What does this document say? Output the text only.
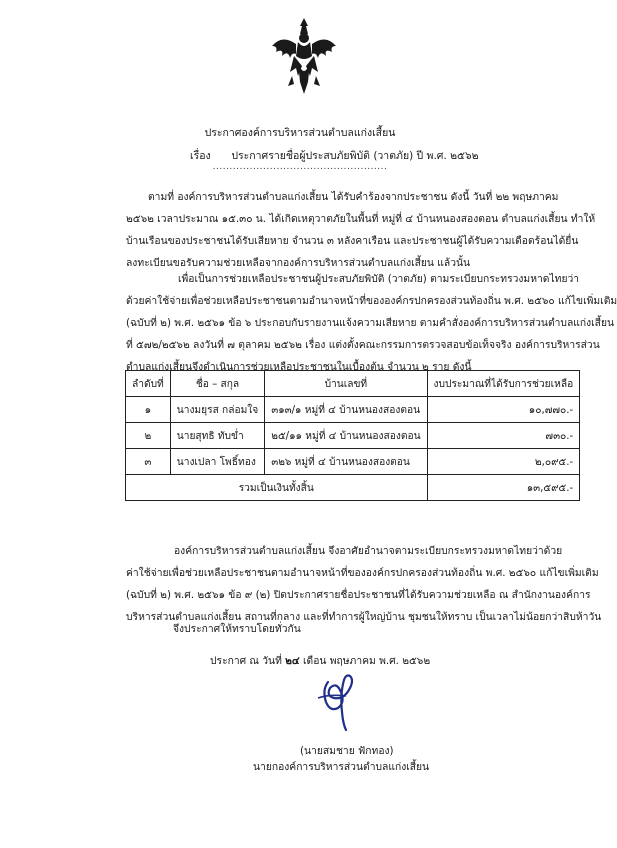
ประกาศองค์การบริหารส่วนตำบลแก่งเสี้ยน
เรื่อง ประกาศรายชื่อผู้ประสบภัยพิบัติ (วาตภัย) ปี พ.ศ. ๒๕๖๒
....................................................
ตามที่ องค์การบริหารส่วนตำบลแก่งเสี้ยน ได้รับคำร้องจากประชาชน ดังนี้ วันที่ ๒๒ พฤษภาคม
๒๕๖๒ เวลาประมาณ ๑๕.๓๐ น. ได้เกิดเหตุวาตภัยในพื้นที่ หมู่ที่ ๔ บ้านหนองสองตอน ตำบลแก่งเสี้ยน ทำให้
บ้านเรือนของประชาชนได้รับเสียหาย จำนวน ๓ หลังคาเรือน และประชาชนผู้ได้รับความเดือดร้อนได้ยื่น
ลงทะเบียนขอรับความช่วยเหลือจากองค์การบริหารส่วนตำบลแก่งเสี้ยน แล้วนั้น
เพื่อเป็นการช่วยเหลือประชาชนผู้ประสบภัยพิบัติ (วาตภัย) ตามระเบียบกระทรวงมหาดไทยว่า
ด้วยค่าใช้จ่ายเพื่อช่วยเหลือประชาชนตามอำนาจหน้าที่ขององค์กรปกครองส่วนท้องถิ่น พ.ศ. ๒๕๖๐ แก้ไขเพิ่มเติม
(ฉบับที่ ๒) พ.ศ. ๒๕๖๑ ข้อ ๖ ประกอบกับรายงานแจ้งความเสียหาย ตามคำสั่งองค์การบริหารส่วนตำบลแก่งเสี้ยน
ที่ ๕๗๒/๒๕๖๒ ลงวันที่ ๗ ตุลาคม ๒๕๖๒ เรื่อง แต่งตั้งคณะกรรมการตรวจสอบข้อเท็จจริง องค์การบริหารส่วน
ตำบลแก่งเสี้ยนจึงดำเนินการช่วยเหลือประชาชนในเบื้องต้น จำนวน ๒ ราย ดังนี้
ลำดับที่	ชื่อ – สกุล	บ้านเลขที่	งบประมาณที่ได้รับการช่วยเหลือ
๑	นางมยุรส กล่อมใจ	๓๑๓/๑ หมู่ที่ ๔ บ้านหนองสองตอน	๑๐,๗๗๐.-
๒	นายสุทธิ ทับข่ำ	๒๕/๑๑ หมู่ที่ ๔ บ้านหนองสองตอน	๗๓๐.-
๓	นางเปลา โพธิ์ทอง	๓๒๖ หมู่ที่ ๔ บ้านหนองสองตอน	๒,๐๙๕.-
รวมเป็นเงินทั้งสิ้น			๑๓,๕๙๕.-
องค์การบริหารส่วนตำบลแก่งเสี้ยน จึงอาศัยอำนาจตามระเบียบกระทรวงมหาดไทยว่าด้วย
ค่าใช้จ่ายเพื่อช่วยเหลือประชาชนตามอำนาจหน้าที่ขององค์กรปกครองส่วนท้องถิ่น พ.ศ. ๒๕๖๐ แก้ไขเพิ่มเติม
(ฉบับที่ ๒) พ.ศ. ๒๕๖๑ ข้อ ๙ (๒) ปิดประกาศรายชื่อประชาชนที่ได้รับความช่วยเหลือ ณ สำนักงานองค์การ
บริหารส่วนตำบลแก่งเสี้ยน สถานที่กลาง และที่ทำการผู้ใหญ่บ้าน ชุมชนให้ทราบ เป็นเวลาไม่น้อยกว่าสิบห้าวัน
จึงประกาศให้ทราบโดยทั่วกัน
ประกาศ ณ วันที่ ๒๔ เดือน พฤษภาคม พ.ศ. ๒๕๖๒
(นายสมชาย ฟักทอง)
นายกองค์การบริหารส่วนตำบลแก่งเสี้ยน
